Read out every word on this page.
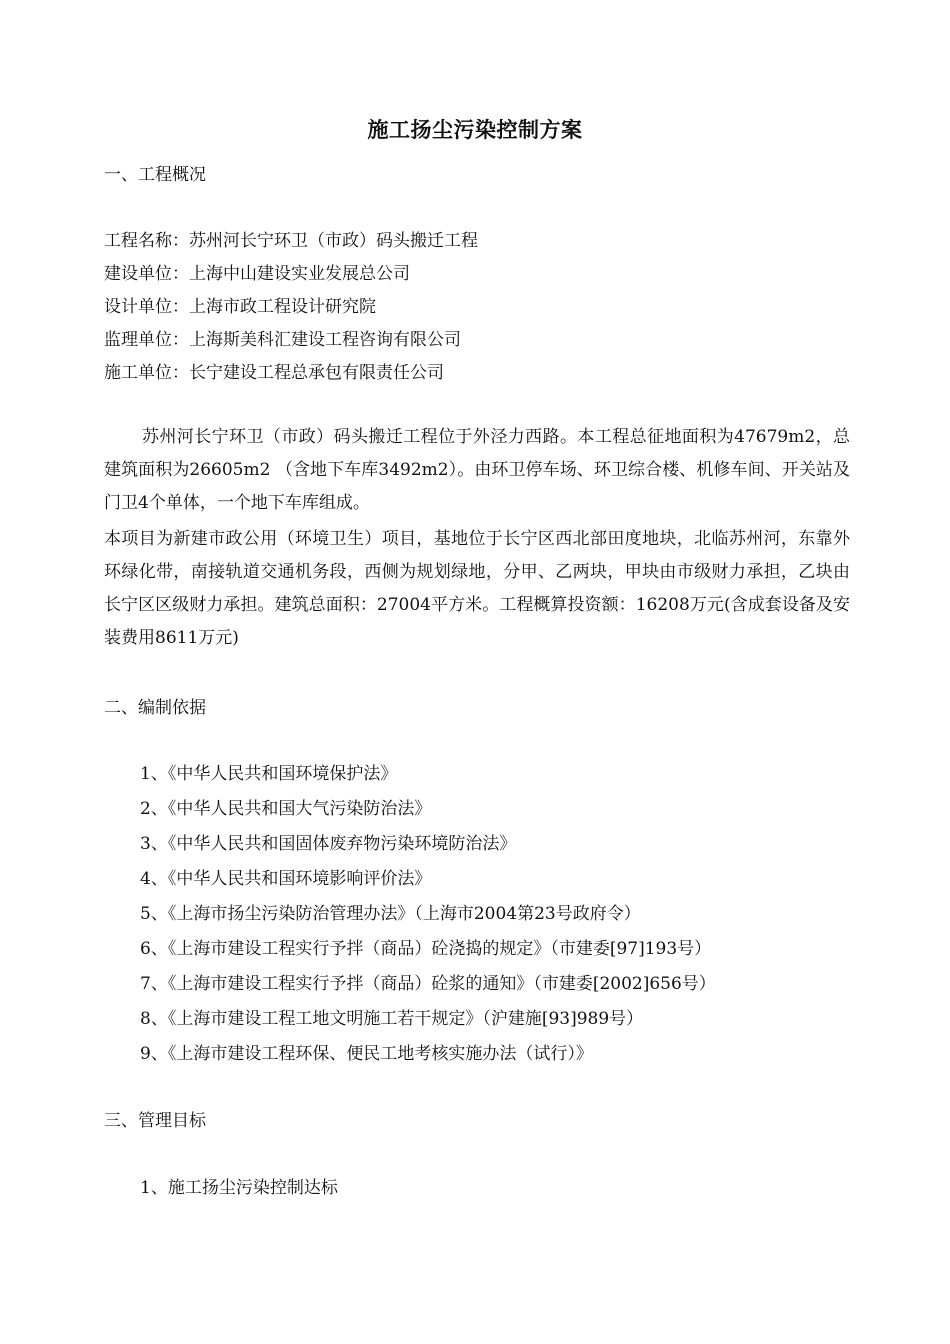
施工扬尘污染控制方案
一、工程概况
工程名称：苏州河长宁环卫（市政）码头搬迁工程
建设单位：上海中山建设实业发展总公司
设计单位：上海市政工程设计研究院
监理单位：上海斯美科汇建设工程咨询有限公司
施工单位：长宁建设工程总承包有限责任公司
苏州河长宁环卫（市政）码头搬迁工程位于外泾力西路。本工程总征地面积为47679m2，总建筑面积为26605m2 （含地下车库3492m2）。由环卫停车场、环卫综合楼、机修车间、开关站及门卫4个单体，一个地下车库组成。
本项目为新建市政公用（环境卫生）项目，基地位于长宁区西北部田度地块，北临苏州河，东靠外环绿化带，南接轨道交通机务段，西侧为规划绿地，分甲、乙两块，甲块由市级财力承担，乙块由长宁区区级财力承担。建筑总面积：27004平方米。工程概算投资额：16208万元(含成套设备及安装费用8611万元)
二、编制依据
1、《中华人民共和国环境保护法》
2、《中华人民共和国大气污染防治法》
3、《中华人民共和国固体废弃物污染环境防治法》
4、《中华人民共和国环境影响评价法》
5、《上海市扬尘污染防治管理办法》（上海市2004第23号政府令）
6、《上海市建设工程实行予拌（商品）砼浇捣的规定》（市建委[97]193号）
7、《上海市建设工程实行予拌（商品）砼浆的通知》（市建委[2002]656号）
8、《上海市建设工程工地文明施工若干规定》（沪建施[93]989号）
9、《上海市建设工程环保、便民工地考核实施办法（试行）》
三、管理目标
1、施工扬尘污染控制达标
